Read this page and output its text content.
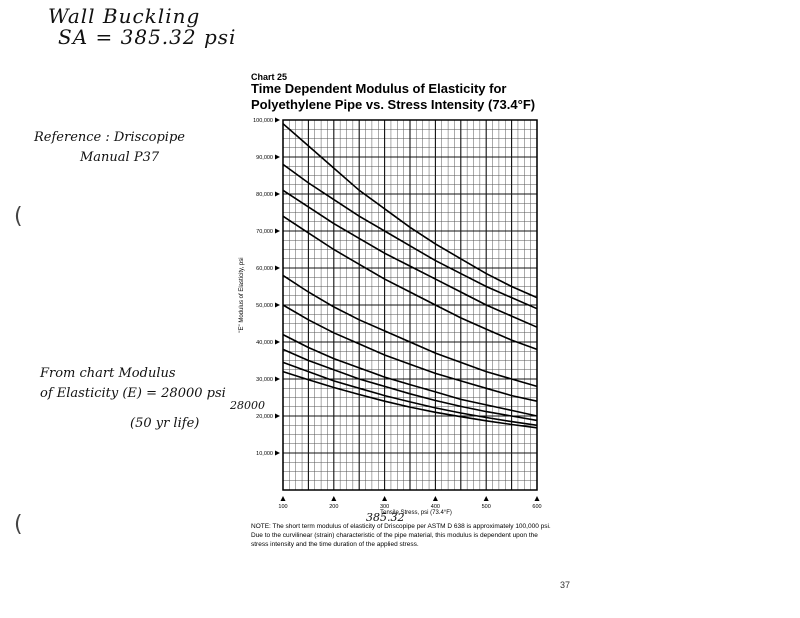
Wall Buckling
SA = 385.32 psi
Reference : Driscopipe
Manual P37
From chart Modulus
of Elasticity (E) = 28000 psi
(50 yr life)
28000
385.32
(
(
Chart 25
Time Dependent Modulus of Elasticity for
Polyethylene Pipe vs. Stress Intensity (73.4°F)
10,000
20,000
30,000
40,000
50,000
60,000
70,000
80,000
90,000
100,000
100	200	300	400	500	600
Tensile Stress, psi (73.4°F)
"E" Modulus of Elasticity, psi
NOTE: The short term modulus of elasticity of Driscopipe per ASTM D 638 is approximately 100,000 psi. Due to the curvilinear (strain) characteristic of the pipe material, this modulus is dependent upon the stress intensity and the time duration of the applied stress.
37
